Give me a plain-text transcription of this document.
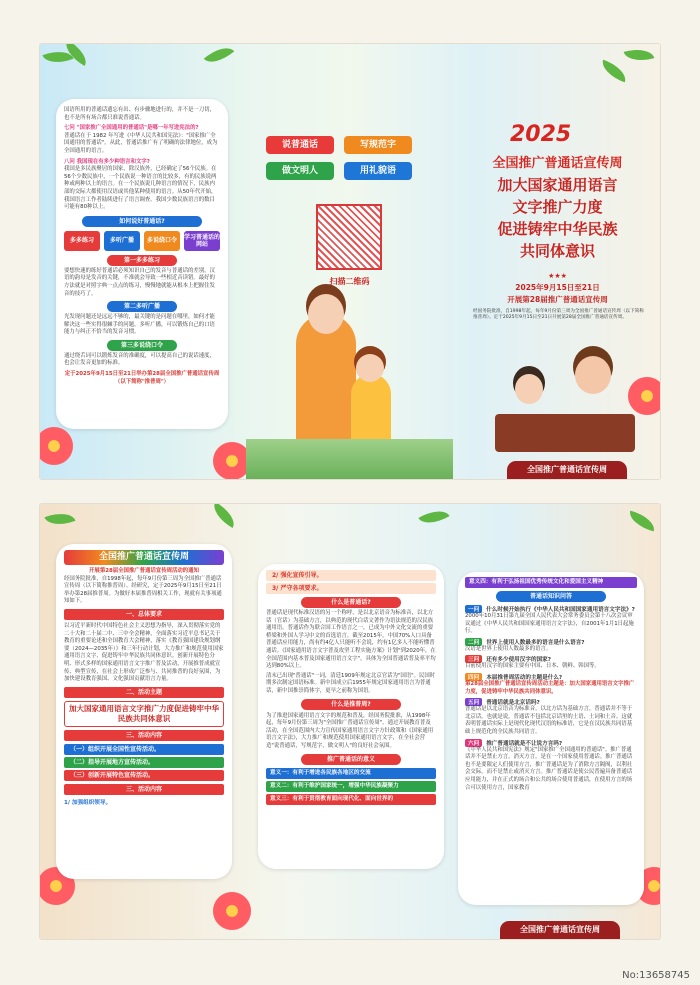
国语所用的普通话遗忘有出、有步骤地进行的，并不是一刀切，也不是所有场合都只准说普通话。
七问 "国家推广全国通用的普通话"是哪一年写进宪法的?
普通话在于 1982 年写进《中华人民共和国宪法》："国家推广全国通用的普通话"。从此，普通话推广有了明确的法律地位，成为全国通用的语言。
八问 我国现在有多少种语言和文字?
我国是多民族聚居的国家，除汉族外，已经确定了56个民族。在56个少数民族中，一个民族说一种语言的比较多，有的民族说两种或两种以上的语言。在一个民族说几种语言的情况下，民族内部的交际大都使用汉语或其他某种使用的语言。从50年代开始，我国语言工作者陆续进行了语言调查。我国少数民族语言的数目可能有80种以上。
如何说好普通话?
多多练习	多听广播	多说绕口令	学习普通话的网站
第一多多练习
要想快速的练好普通话必须知识自己的发音与普通话的差别，汉语的韵母是发音的关键，不准就会导致一些相近音读错。最好的方法就是对照字典一点点的练习，慢慢地就能从根本上把握住发音的技巧了。
第二多听广播
光发现问题还是远远不够的，最关键的是问题在哪里，如何才能解决这一些实得很棘手的问题。多听广播，可以锻炼自己的口语能力与纠正不恰当的发音习惯。
第三多说绕口令
通过绕舌词可以锻炼发音的准确度，可以提高自己的说话速度，也会让发音更加的标准。
定于2025年9月15日至21日举办第28届全国推广普通话宣传周（以下简称"推普周"）
说普通话	写规范字
做文明人	用礼貌语
扫描二维码
2025
全国推广普通话宣传周
加大国家通用语言
文字推广力度
促进铸牢中华民族
共同体意识
★★★
2025年9月15日至21日
开展第28届推广普通话宣传周
经国务院批准，自1998年起，每年9月份第三周为全国推广普通话宣传周（以下简称推普周）。定于2025年9月15日至21日开展第28届全国推广普通话宣传周。
全国推广普通话宣传周
全国推广普通话宣传周
开展第28届全国推广普通话宣传周活动的通知
经国务院批准，自1998年起，每年9月份第三周为全国推广普通话宣传周（以下简称推普周）。经研究，定于2025年9月15日至21日举办第28届推普周。为做好本届推普周相关工作，现就有关事项通知如下。
一、总体要求
以习近平新时代中国特色社会主义思想为指导，深入贯彻落实党的二十大和二十届二中、三中全会精神，全面落实习近平总书记关于教育的重要论述和全国教育大会精神，落实《教育强国建设规划纲要（2024—2035年）》和三年行动计划，大力推广和规范使用国家通用语言文字，促进铸牢中华民族共同体意识。创新开展特色分明、形式多样的国家通用语言文字推广普及活动，开展推普成就宣传、典型宣传，在社会上形成广泛参与、共同推普的良好氛围，为加快建设教育强国、文化强国贡献语言力量。
二、活动主题
加大国家通用语言文字推广力度促进铸牢中华民族共同体意识
三、活动内容
（一）组织开展全国性宣传活动。
（二）指导开展地方宣传活动。
（三）创新开展特色宣传活动。
三、活动内容
1/ 加强组织领导。
2/ 强化宣传引导。
3/ 严守各项要求。
什么是普通话?
普通话是现代标准汉语的另一个称呼，是以北京语音为标准音，以北方话（官话）为基础方言，以典范的现代白话文著作为语法规范的汉民族通用语。普通话作为联合国工作语言之一，已成为中外文化交流的重要桥梁和外国人学习中文的首选语言。截至2015年，中国70%人口具备普通话应用能力，尚有约4亿人只能听不会说，约有1亿多人不能听懂普通话。《国家通用语言文字普及攻坚工程实施方案》计划"到2020年，在全国范围内基本普及国家通用语言文字"，具体为全国普通话普及率平均达到80%以上。
清末已出现"普通话"一词，清廷1909年规定北京官话为"国语"。民国时期多次制定国语标准。新中国成立后1955年规定国家通用语言为普通话，新中国推崇简体字，更早之前称为国语。
什么是推普周?
为了推进国家通用语言文字的规范和普及，经国务院批准，从1998年起，每年9月份第三周为"全国推广普通话宣传周"。通过开展教育普及活动，在全国范围内大力宣传国家通用语言文字方针政策和《国家通用语言文字法》，大力推广和规范使用国家通用语言文字，在全社会营造"说普通话，写规范字，做文明人"的良好社会氛围。
推广普通话的意义
意义一：有利于增进各民族各地区的交流
意义二：有利于维护国家统一，增强中华民族凝聚力
意义三：有利于贯彻教育面向现代化、面向世界的
意义四：有利于弘扬祖国优秀传统文化和爱国主义精神
普通话知识问答
一问 什么时候开始执行《中华人民共和国国家通用语言文字法》?
2000年10月31日第九届全国人民代表大会常务委员会第十八次会议审议通过《中华人民共和国国家通用语言文字法》，自2001年1月1日起施行。
二问 世界上使用人数最多的语言是什么语言?
汉语是世界上使用人数最多的语言。
三问 还有多少使用汉字的国家?
目前使用汉字的国家主要有中国、日本、朝鲜、韩国等。
四问 本届推普周活动的主题是什么?
第28届全国推广普通话宣传周活动主题是：加大国家通用语言文字推广力度，促进铸牢中华民族共同体意识。
五问 普通话就是北京话吗?
普通话是以北京语音为标准音，以北方话为基础方言，普通话并不等于北京话，也就是说，普通话不包括北京话里的土语、土词和土音。这就表明普通话实际上是现代化现代汉语的标准语，它是在汉民族共同语基础上规范化的全民族共同语言。
六问 推广普通话就是不让说方言吗?
《中华人民共和国宪法》规定"国家推广全国通用的普通话"。推广普通话并不是禁止方言，消灭方言，是在一个国家使用普通话。推广普通话也不是要限定人们使用方言，推广普通话是为了消除方言隔阂，以利社会交际，而不是禁止或消灭方言。推广普通话是使公民普遍具备普通话应用能力，并在正式的场合和公共的场合使用普通话，在使用方言的场合可以使用方言，国家教育
全国推广普通话宣传周
No:13658745
